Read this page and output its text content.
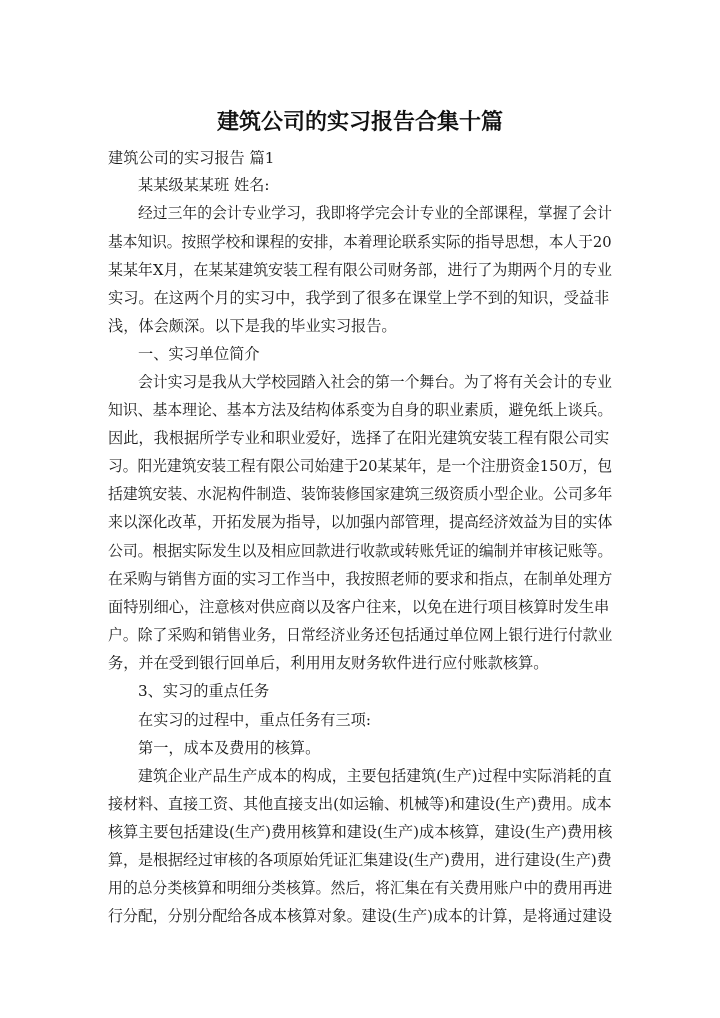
建筑公司的实习报告合集十篇
建筑公司的实习报告 篇1
某某级某某班 姓名:
经过三年的会计专业学习，我即将学完会计专业的全部课程，掌握了会计
基本知识。按照学校和课程的安排，本着理论联系实际的指导思想，本人于20
某某年X月，在某某建筑安装工程有限公司财务部，进行了为期两个月的专业
实习。在这两个月的实习中，我学到了很多在课堂上学不到的知识，受益非
浅，体会颇深。以下是我的毕业实习报告。
一、实习单位简介
会计实习是我从大学校园踏入社会的第一个舞台。为了将有关会计的专业
知识、基本理论、基本方法及结构体系变为自身的职业素质，避免纸上谈兵。
因此，我根据所学专业和职业爱好，选择了在阳光建筑安装工程有限公司实
习。阳光建筑安装工程有限公司始建于20某某年，是一个注册资金150万，包
括建筑安装、水泥构件制造、装饰装修国家建筑三级资质小型企业。公司多年
来以深化改革，开拓发展为指导，以加强内部管理，提高经济效益为目的实体
公司。根据实际发生以及相应回款进行收款或转账凭证的编制并审核记账等。
在采购与销售方面的实习工作当中，我按照老师的要求和指点，在制单处理方
面特别细心，注意核对供应商以及客户往来，以免在进行项目核算时发生串
户。除了采购和销售业务，日常经济业务还包括通过单位网上银行进行付款业
务，并在受到银行回单后，利用用友财务软件进行应付账款核算。
3、实习的重点任务
在实习的过程中，重点任务有三项:
第一，成本及费用的核算。
建筑企业产品生产成本的构成，主要包括建筑(生产)过程中实际消耗的直
接材料、直接工资、其他直接支出(如运输、机械等)和建设(生产)费用。成本
核算主要包括建设(生产)费用核算和建设(生产)成本核算，建设(生产)费用核
算，是根据经过审核的各项原始凭证汇集建设(生产)费用，进行建设(生产)费
用的总分类核算和明细分类核算。然后，将汇集在有关费用账户中的费用再进
行分配，分别分配给各成本核算对象。建设(生产)成本的计算，是将通过建设
